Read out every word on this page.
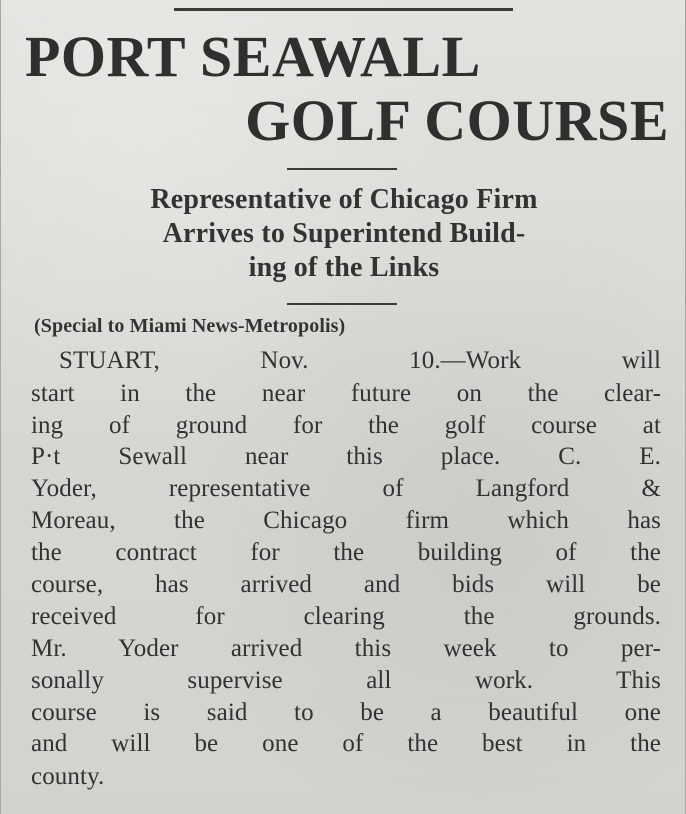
PORT SEAWALL
GOLF COURSE
Representative of Chicago Firm
Arrives to Superintend Build-
ing of the Links
(Special to Miami News-Metropolis)
STUART, Nov. 10.—Work will
start in the near future on the clear-
ing of ground for the golf course at
P·t Sewall near this place. C. E.
Yoder, representative of Langford &
Moreau, the Chicago firm which has
the contract for the building of the
course, has arrived and bids will be
received for clearing the grounds.
Mr. Yoder arrived this week to per-
sonally supervise all work. This
course is said to be a beautiful one
and will be one of the best in the
county.
